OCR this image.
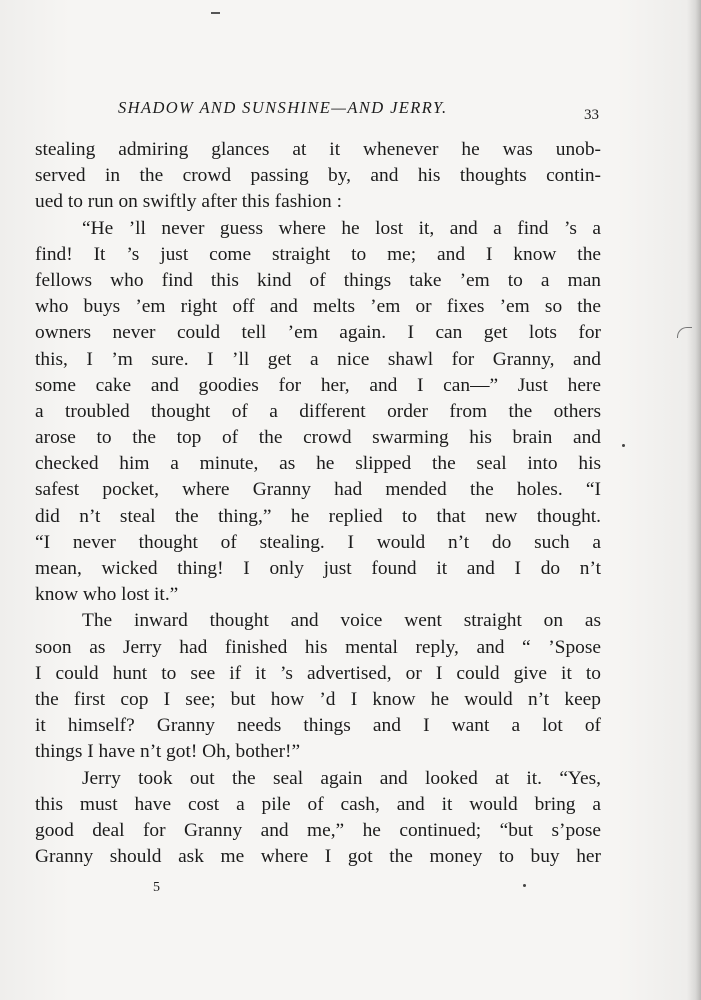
SHADOW AND SUNSHINE—AND JERRY.	33
stealing admiring glances at it whenever he was unob-
served in the crowd passing by, and his thoughts contin-
ued to run on swiftly after this fashion :
“He ’ll never guess where he lost it, and a find ’s a
find! It ’s just come straight to me; and I know the
fellows who find this kind of things take ’em to a man
who buys ’em right off and melts ’em or fixes ’em so the
owners never could tell ’em again. I can get lots for
this, I ’m sure. I ’ll get a nice shawl for Granny, and
some cake and goodies for her, and I can—” Just here
a troubled thought of a different order from the others
arose to the top of the crowd swarming his brain and
checked him a minute, as he slipped the seal into his
safest pocket, where Granny had mended the holes. “I
did n’t steal the thing,” he replied to that new thought.
“I never thought of stealing. I would n’t do such a
mean, wicked thing! I only just found it and I do n’t
know who lost it.”
The inward thought and voice went straight on as
soon as Jerry had finished his mental reply, and “ ’Spose
I could hunt to see if it ’s advertised, or I could give it to
the first cop I see; but how ’d I know he would n’t keep
it himself? Granny needs things and I want a lot of
things I have n’t got! Oh, bother!”
Jerry took out the seal again and looked at it. “Yes,
this must have cost a pile of cash, and it would bring a
good deal for Granny and me,” he continued; “but s’pose
Granny should ask me where I got the money to buy her
5
